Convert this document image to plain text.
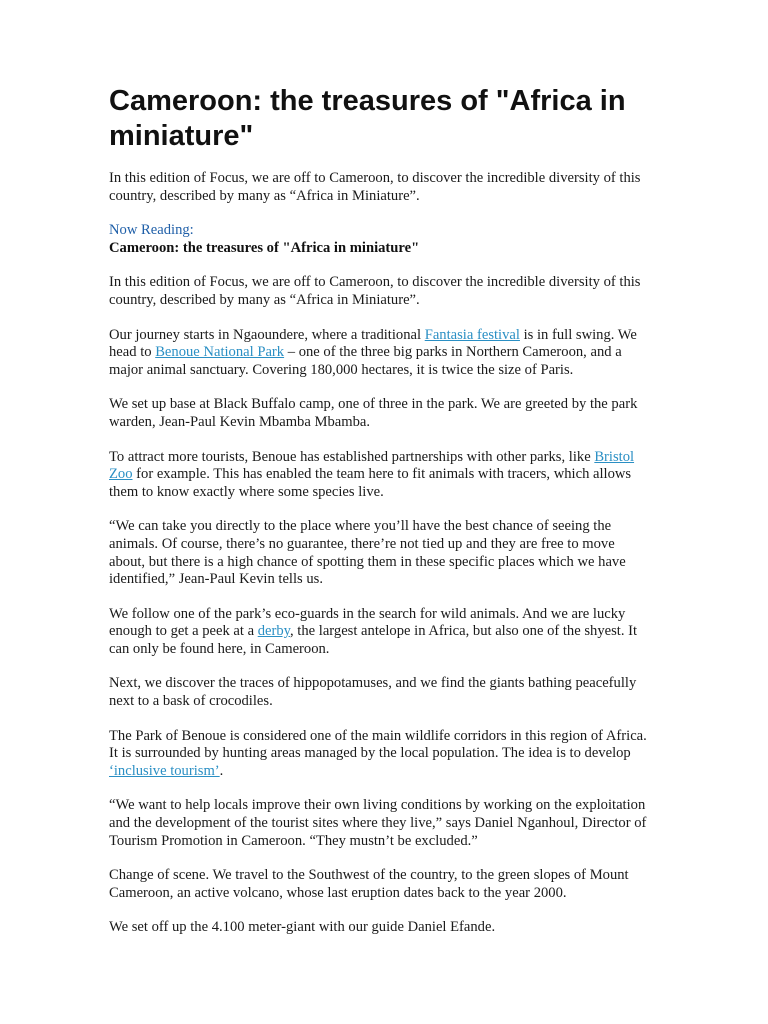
Cameroon: the treasures of "Africa in miniature"

In this edition of Focus, we are off to Cameroon, to discover the incredible diversity of this country, described by many as “Africa in Miniature”.

Now Reading:
Cameroon: the treasures of "Africa in miniature"

In this edition of Focus, we are off to Cameroon, to discover the incredible diversity of this country, described by many as “Africa in Miniature”.

Our journey starts in Ngaoundere, where a traditional Fantasia festival is in full swing. We head to Benoue National Park – one of the three big parks in Northern Cameroon, and a major animal sanctuary. Covering 180,000 hectares, it is twice the size of Paris.

We set up base at Black Buffalo camp, one of three in the park. We are greeted by the park warden, Jean-Paul Kevin Mbamba Mbamba.

To attract more tourists, Benoue has established partnerships with other parks, like Bristol Zoo for example. This has enabled the team here to fit animals with tracers, which allows them to know exactly where some species live.

“We can take you directly to the place where you’ll have the best chance of seeing the animals. Of course, there’s no guarantee, there’re not tied up and they are free to move about, but there is a high chance of spotting them in these specific places which we have identified,” Jean-Paul Kevin tells us.

We follow one of the park’s eco-guards in the search for wild animals. And we are lucky enough to get a peek at a derby, the largest antelope in Africa, but also one of the shyest. It can only be found here, in Cameroon.

Next, we discover the traces of hippopotamuses, and we find the giants bathing peacefully next to a bask of crocodiles.

The Park of Benoue is considered one of the main wildlife corridors in this region of Africa. It is surrounded by hunting areas managed by the local population. The idea is to develop ‘inclusive tourism’.

“We want to help locals improve their own living conditions by working on the exploitation and the development of the tourist sites where they live,” says Daniel Nganhoul, Director of Tourism Promotion in Cameroon. “They mustn’t be excluded.”

Change of scene. We travel to the Southwest of the country, to the green slopes of Mount Cameroon, an active volcano, whose last eruption dates back to the year 2000.

We set off up the 4.100 meter-giant with our guide Daniel Efande.
